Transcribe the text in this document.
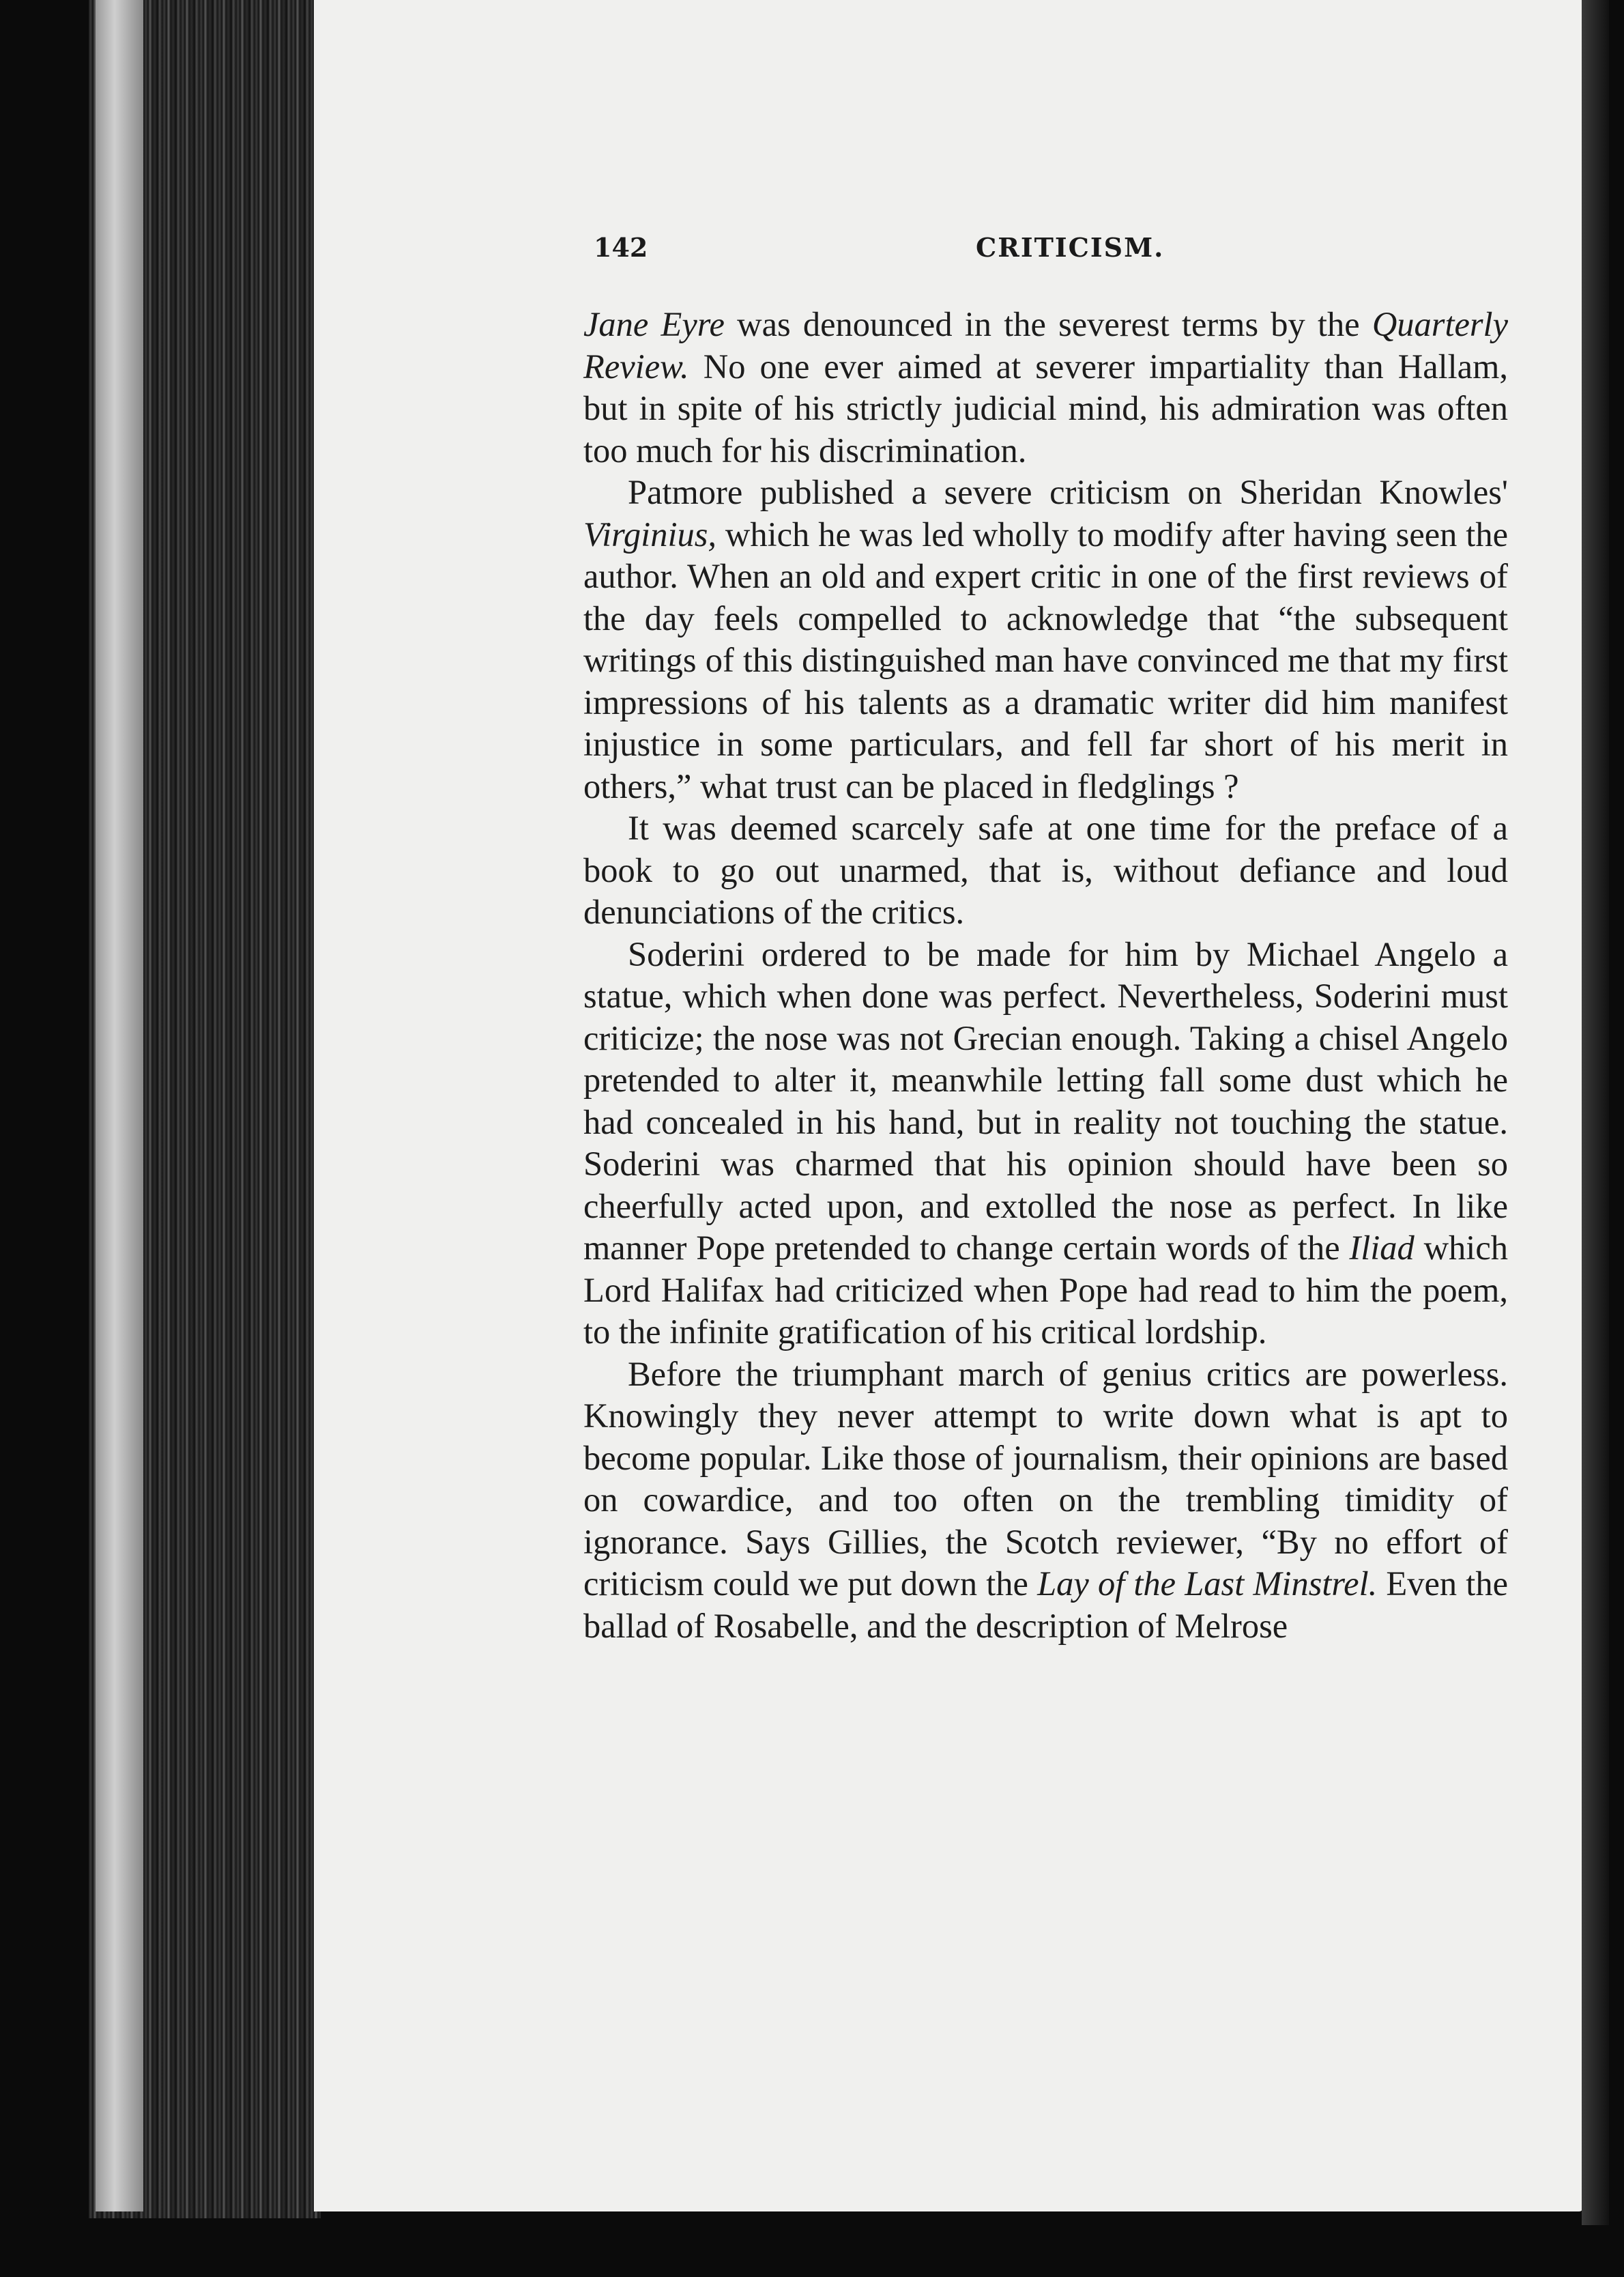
142	CRITICISM.

Jane Eyre was denounced in the severest terms by the Quarterly Review. No one ever aimed at severer impartiality than Hallam, but in spite of his strictly judicial mind, his admiration was often too much for his discrimination.

Patmore published a severe criticism on Sheridan Knowles' Virginius, which he was led wholly to modify after having seen the author. When an old and expert critic in one of the first reviews of the day feels compelled to acknowledge that “the subsequent writings of this distinguished man have convinced me that my first impressions of his talents as a dramatic writer did him manifest injustice in some particulars, and fell far short of his merit in others,” what trust can be placed in fledglings ?

It was deemed scarcely safe at one time for the preface of a book to go out unarmed, that is, without defiance and loud denunciations of the critics.

Soderini ordered to be made for him by Michael Angelo a statue, which when done was perfect. Nevertheless, Soderini must criticize; the nose was not Grecian enough. Taking a chisel Angelo pretended to alter it, meanwhile letting fall some dust which he had concealed in his hand, but in reality not touching the statue. Soderini was charmed that his opinion should have been so cheerfully acted upon, and extolled the nose as perfect. In like manner Pope pretended to change certain words of the Iliad which Lord Halifax had criticized when Pope had read to him the poem, to the infinite gratification of his critical lordship.

Before the triumphant march of genius critics are powerless. Knowingly they never attempt to write down what is apt to become popular. Like those of journalism, their opinions are based on cowardice, and too often on the trembling timidity of ignorance. Says Gillies, the Scotch reviewer, “By no effort of criticism could we put down the Lay of the Last Minstrel. Even the ballad of Rosabelle, and the description of Melrose
